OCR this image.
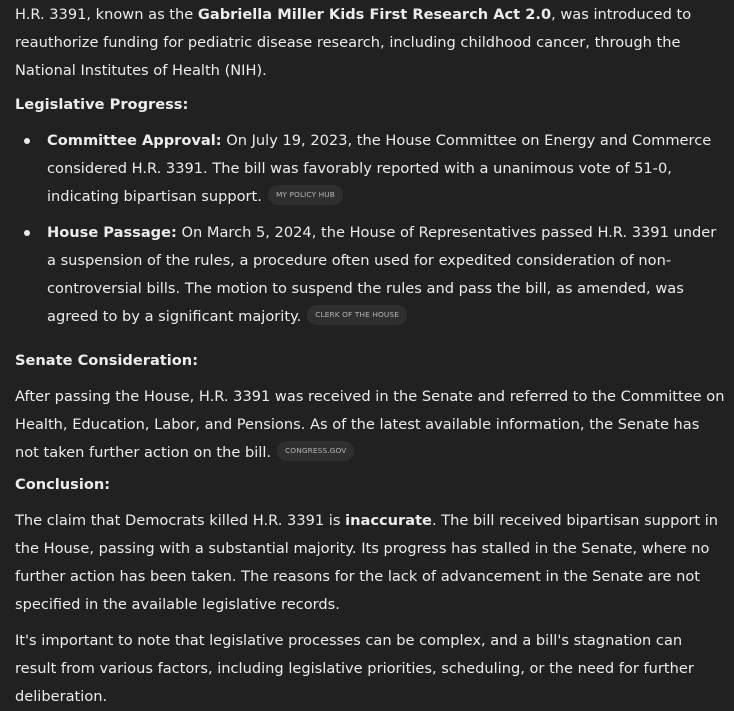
H.R. 3391, known as the Gabriella Miller Kids First Research Act 2.0, was introduced to reauthorize funding for pediatric disease research, including childhood cancer, through the National Institutes of Health (NIH).

Legislative Progress:

Committee Approval: On July 19, 2023, the House Committee on Energy and Commerce considered H.R. 3391. The bill was favorably reported with a unanimous vote of 51-0, indicating bipartisan support. MY POLICY HUB
House Passage: On March 5, 2024, the House of Representatives passed H.R. 3391 under a suspension of the rules, a procedure often used for expedited consideration of non-controversial bills. The motion to suspend the rules and pass the bill, as amended, was agreed to by a significant majority. CLERK OF THE HOUSE

Senate Consideration:

After passing the House, H.R. 3391 was received in the Senate and referred to the Committee on Health, Education, Labor, and Pensions. As of the latest available information, the Senate has not taken further action on the bill. CONGRESS.GOV

Conclusion:

The claim that Democrats killed H.R. 3391 is inaccurate. The bill received bipartisan support in the House, passing with a substantial majority. Its progress has stalled in the Senate, where no further action has been taken. The reasons for the lack of advancement in the Senate are not specified in the available legislative records.

It's important to note that legislative processes can be complex, and a bill's stagnation can result from various factors, including legislative priorities, scheduling, or the need for further deliberation.
